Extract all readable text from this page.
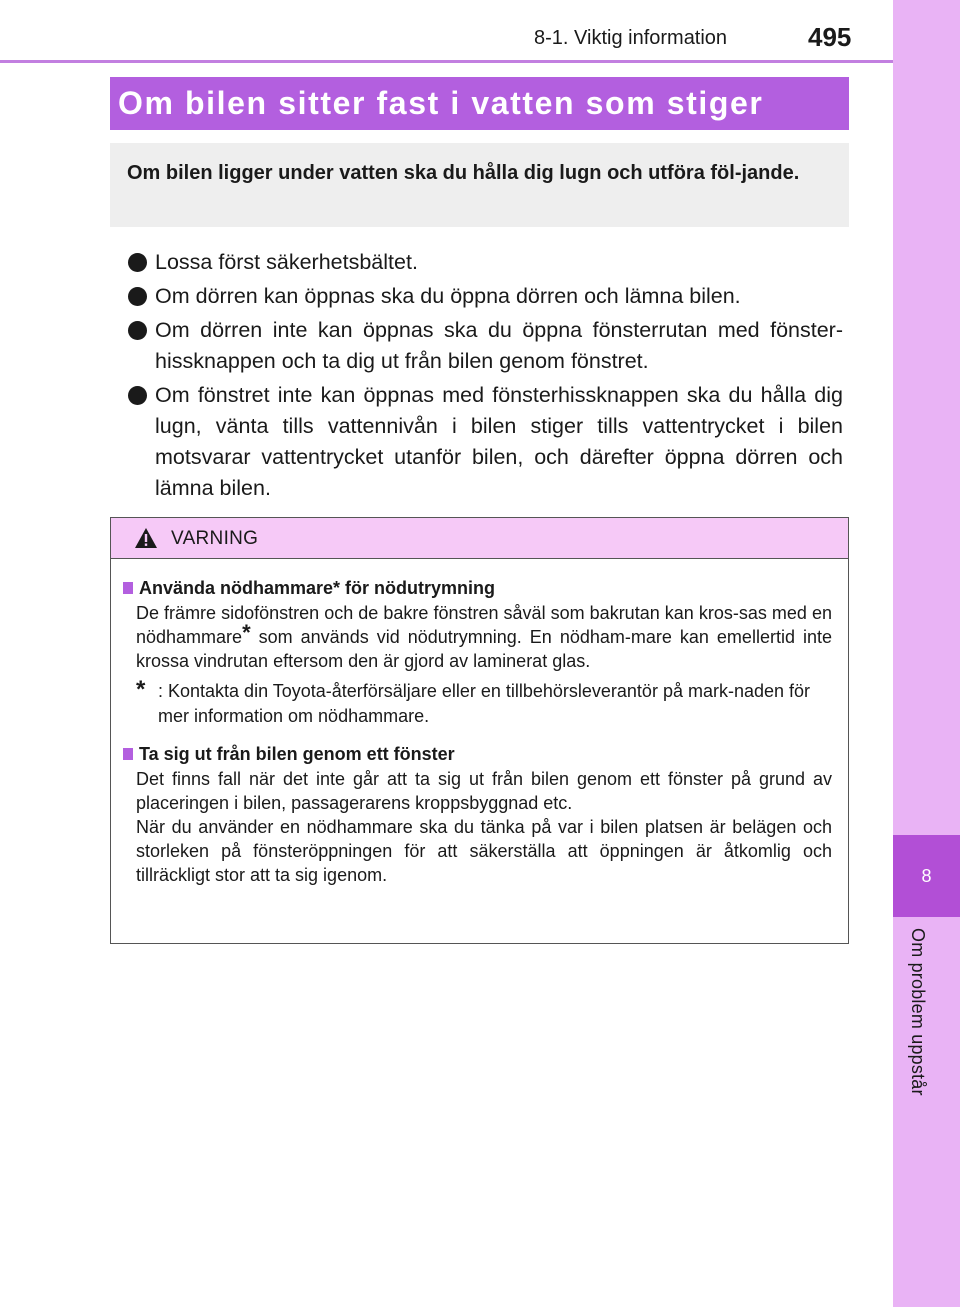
8-1. Viktig information	495
8
Om problem uppstår
Om bilen sitter fast i vatten som stiger
Om bilen ligger under vatten ska du hålla dig lugn och utföra föl-jande.
Lossa först säkerhetsbältet.
Om dörren kan öppnas ska du öppna dörren och lämna bilen.
Om dörren inte kan öppnas ska du öppna fönsterrutan med fönster-hissknappen och ta dig ut från bilen genom fönstret.
Om fönstret inte kan öppnas med fönsterhissknappen ska du hålla dig lugn, vänta tills vattennivån i bilen stiger tills vattentrycket i bilen motsvarar vattentrycket utanför bilen, och därefter öppna dörren och lämna bilen.
VARNING
Använda nödhammare* för nödutrymning

De främre sidofönstren och de bakre fönstren såväl som bakrutan kan kros-sas med en nödhammare* som används vid nödutrymning. En nödham-mare kan emellertid inte krossa vindrutan eftersom den är gjord av laminerat glas.

* : Kontakta din Toyota-återförsäljare eller en tillbehörsleverantör på mark-naden för mer information om nödhammare.
Ta sig ut från bilen genom ett fönster

Det finns fall när det inte går att ta sig ut från bilen genom ett fönster på grund av placeringen i bilen, passagerarens kroppsbyggnad etc.

När du använder en nödhammare ska du tänka på var i bilen platsen är belägen och storleken på fönsteröppningen för att säkerställa att öppningen är åtkomlig och tillräckligt stor att ta sig igenom.
